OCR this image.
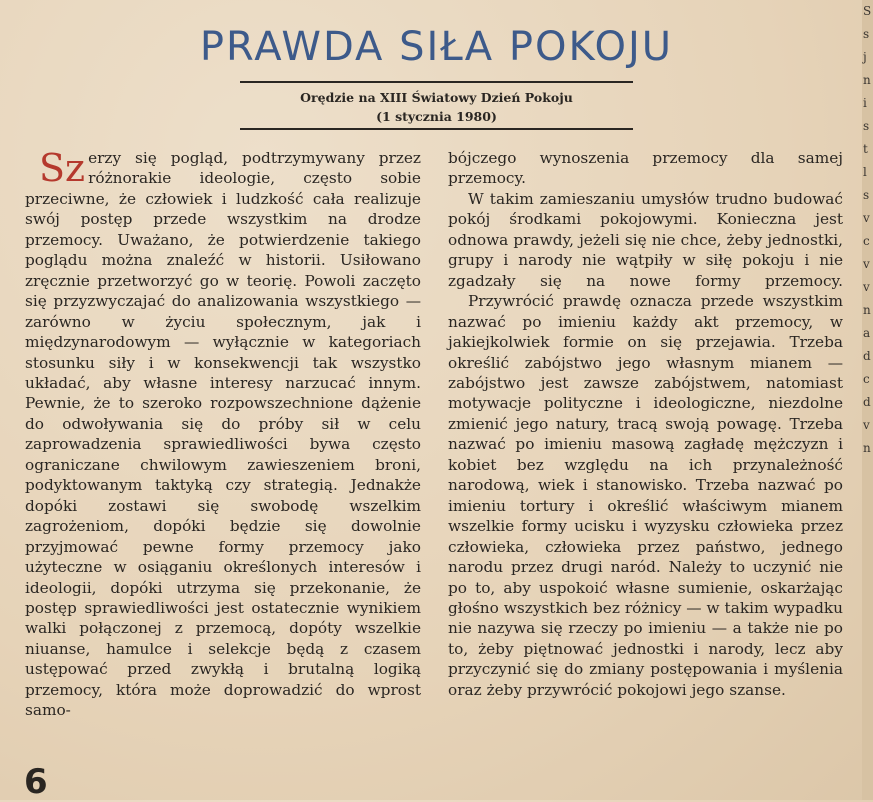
PRAWDA SIŁA POKOJU
Orędzie na XIII Światowy Dzień Pokoju
(1 stycznia 1980)

Sz erzy się pogląd, podtrzymywany przez różnorakie ideologie, często sobie przeciwne, że człowiek i ludzkość cała realizuje swój postęp przede wszystkim na drodze przemocy. Uważano, że potwierdzenie takiego poglądu można znaleźć w historii. Usiłowano zręcznie przetworzyć go w teorię. Powoli zaczęto się przyzwyczajać do analizowania wszystkiego — zarówno w życiu społecznym, jak i międzynarodowym — wyłącznie w kategoriach stosunku siły i w konsekwencji tak wszystko układać, aby własne interesy narzucać innym. Pewnie, że to szeroko rozpowszechnione dążenie do odwoływania się do próby sił w celu zaprowadzenia sprawiedliwości bywa często ograniczane chwilowym zawieszeniem broni, podyktowanym taktyką czy strategią. Jednakże dopóki zostawi się swobodę wszelkim zagrożeniom, dopóki będzie się dowolnie przyjmować pewne formy przemocy jako użyteczne w osiąganiu określonych interesów i ideologii, dopóki utrzyma się przekonanie, że postęp sprawiedliwości jest ostatecznie wynikiem walki połączonej z przemocą, dopóty wszelkie niuanse, hamulce i selekcje będą z czasem ustępować przed zwykłą i brutalną logiką przemocy, która może doprowadzić do wprost samo-

bójczego wynoszenia przemocy dla samej przemocy.

W takim zamieszaniu umysłów trudno budować pokój środkami pokojowymi. Konieczna jest odnowa prawdy, jeżeli się nie chce, żeby jednostki, grupy i narody nie wątpiły w siłę pokoju i nie zgadzały się na nowe formy przemocy.

Przywrócić prawdę oznacza przede wszystkim nazwać po imieniu każdy akt przemocy, w jakiejkolwiek formie on się przejawia. Trzeba określić zabójstwo jego własnym mianem — zabójstwo jest zawsze zabójstwem, natomiast motywacje polityczne i ideologiczne, niezdolne zmienić jego natury, tracą swoją powagę. Trzeba nazwać po imieniu masową zagładę mężczyzn i kobiet bez względu na ich przynależność narodową, wiek i stanowisko. Trzeba nazwać po imieniu tortury i określić właściwym mianem wszelkie formy ucisku i wyzysku człowieka przez człowieka, człowieka przez państwo, jednego narodu przez drugi naród. Należy to uczynić nie po to, aby uspokoić własne sumienie, oskarżając głośno wszystkich bez różnicy — w takim wypadku nie nazywa się rzeczy po imieniu — a także nie po to, żeby piętnować jednostki i narody, lecz aby przyczynić się do zmiany postępowania i myślenia oraz żeby przywrócić pokojowi jego szanse.

6
S
s
j
n
i
s
t
l
s
v
c
v
v
n
a
d
c
d
v
n
